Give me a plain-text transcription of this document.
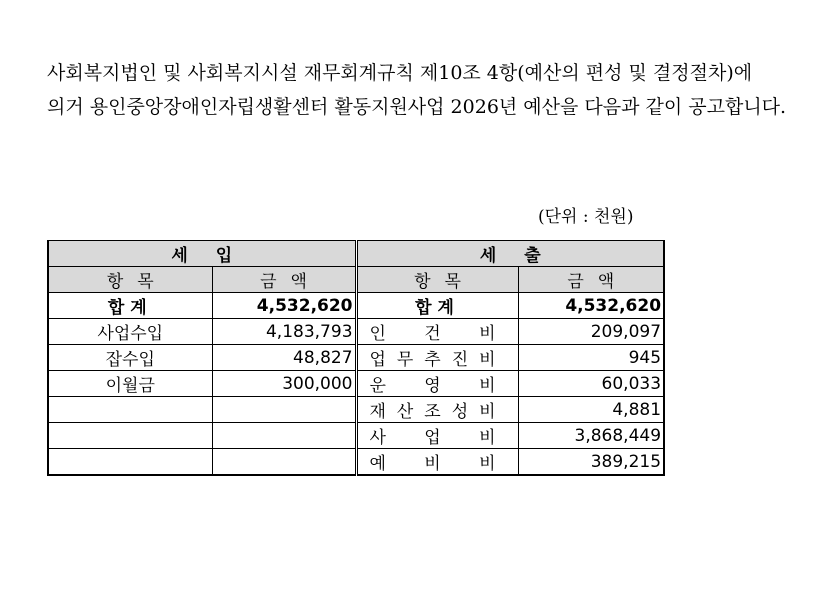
사회복지법인 및 사회복지시설 재무회계규칙 제10조 4항(예산의 편성 및 결정절차)에 의거 용인중앙장애인자립생활센터 활동지원사업 2026년 예산을 다음과 같이 공고합니다.

(단위 : 천원)
세입		세출	
항목	금액	항목	금액
합계	4,532,620	합계	4,532,620
사업수입	4,183,793	인 건 비	209,097
잡수입	48,827	업 무 추 진 비	945
이월금	300,000	운 영 비	60,033

		재 산 조 성 비	4,881

		사 업 비	3,868,449

		예 비 비	389,215
